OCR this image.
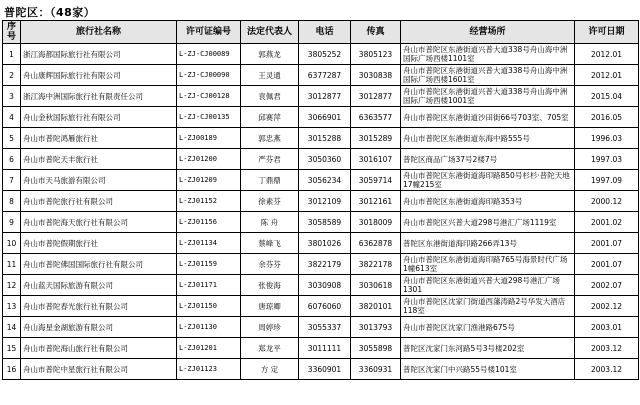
普陀区：（48家）
序号	旅行社名称	许可证编号	法定代表人	电话	传真	经营场所	许可日期
1	浙江海都国际旅行社有限公司	L-ZJ-CJ00089	郭燕龙	3805252	3805123	舟山市普陀区东港街道兴普大道338号舟山海中洲国际广场西楼1101室	2012.01
2	舟山康辉国际旅行社有限公司	L-ZJ-CJ00090	王灵通	6377287	3030838	舟山市普陀区东港街道兴普大道338号舟山海中洲国际广场西楼1601室	2012.01
3	浙江海中洲国际旅行社有限责任公司	L-ZJ-CJ00128	袁佩君	3012877	3012877	舟山市普陀区东港街道兴普大道338号舟山海中洲国际广场西楼1001室	2015.04
4	舟山金秋国际旅行社有限公司	L-ZJ-CJ00135	邱赛萍	3066901	6363577	舟山市普陀区东港街道沙田街66号703室、705室	2016.05
5	舟山市普陀鸿雁旅行社	L-ZJ00189	郭忠燕	3015288	3015289	舟山市普陀区东港街道东海中路555号	1996.03
6	舟山市普陀天丰旅行社	L-ZJ01200	严芬君	3050360	3016107	普陀区商品广场37号2楼7号	1997.03
7	舟山市天马旅游有限公司	L-ZJ01209	丁鼎鼎	3056234	3059714	舟山市普陀区东港街道海印路850号杉杉·普陀天地17幢215室	1997.09
8	舟山市普陀旅行社有限公司	L-ZJ01152	徐素芬	3012109	3012161	舟山市普陀区东港街道海印路353号	2000.12
9	舟山市普陀海天旅行社有限公司	L-ZJ01156	陈 舟	3058589	3018009	舟山市普陀区兴普大道298号港汇广场1119室	2001.02
10	舟山市普陀假期旅行社	L-ZJ01134	蔡峰飞	3801026	6362878	普陀区东港街道海印路266弄13号	2001.07
11	舟山市普陀佛国国际旅行社有限公司	L-ZJ01159	余芬芬	3822179	3822178	舟山市普陀区东港街道海印路765号海景时代广场1幢613室	2001.07
12	舟山蓝天国际旅游有限公司	L-ZJ01171	张俊海	3030908	3030618	舟山市普陀区东港街道兴普大道298号港汇广场1301	2002.07
13	舟山市普陀春光旅行社有限公司	L-ZJ01150	唐琼卿	6076060	3820101	舟山市普陀区沈家门街道西藩涛路2号华发大酒店118室	2002.12
14	舟山海星金湖旅游有限公司	L-ZJ01130	周婷珍	3055337	3013793	舟山市普陀区沈家门渔港路675号	2003.01
15	舟山市普陀海山旅行社有限公司	L-ZJ01201	郑龙平	3011111	3055898	普陀区沈家门东河路5号3号楼202室	2003.12
16	舟山市普陀中星旅行社有限公司	L-ZJ01123	方 定	3360901	3360931	普陀区沈家门中兴路55号楼101室	2003.12
